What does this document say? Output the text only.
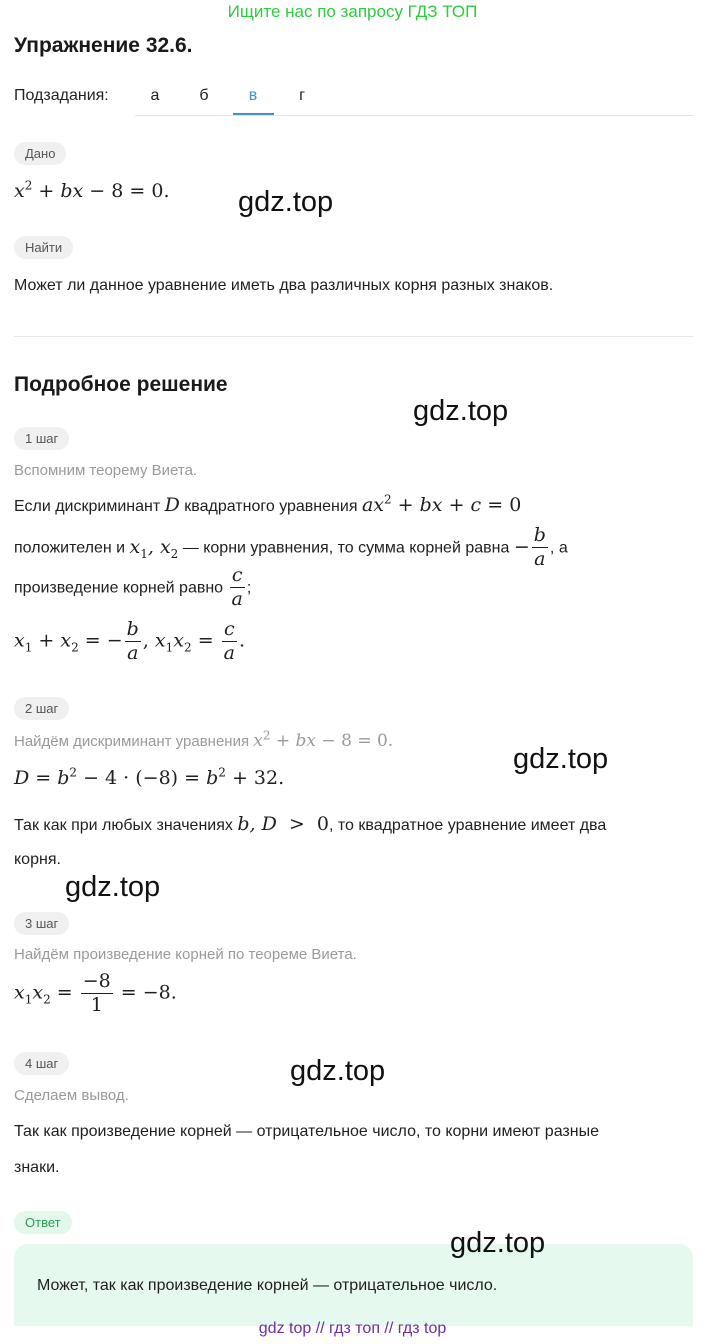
Ищите нас по запросу ГДЗ ТОП
Упражнение 32.6.
Подзадания:	а	б	в	г
Дано
$x^2$ + bx − 8 = 0.
Найти
Может ли данное уравнение иметь два различных корня разных знаков.
Подробное решение
1 шаг
Вспомним теорему Виета.
Если дискриминант D квадратного уравнения $ax^2$ + bx + c = 0
положителен и $x_1$, $x_2$ — корни уравнения, то сумма корней равна − $\frac{b}{a}$ , а
произведение корней равно $\frac{c}{a}$ ;
$x_1 + x_2$ = − $\frac{b}{a}$ , $x_1x_2 = \frac{c}{a}$ .
2 шаг
Найдём дискриминант уравнения $x^2$ + bx − 8 = 0.
$D = b^2 - 4 \cdot (-8) = b^2 + 32$.
Так как при любых значениях b, D  >  0, то квадратное уравнение имеет два
корня.
3 шаг
Найдём произведение корней по теореме Виета.
$x_1x_2 = \frac{-8}{1} = -8$.
4 шаг
Сделаем вывод.
Так как произведение корней — отрицательное число, то корни имеют разные
знаки.
Ответ
Может, так как произведение корней — отрицательное число.
gdz.top
gdz.top
gdz.top
gdz.top
gdz.top
gdz.top
gdz top // гдз топ // гдз top
